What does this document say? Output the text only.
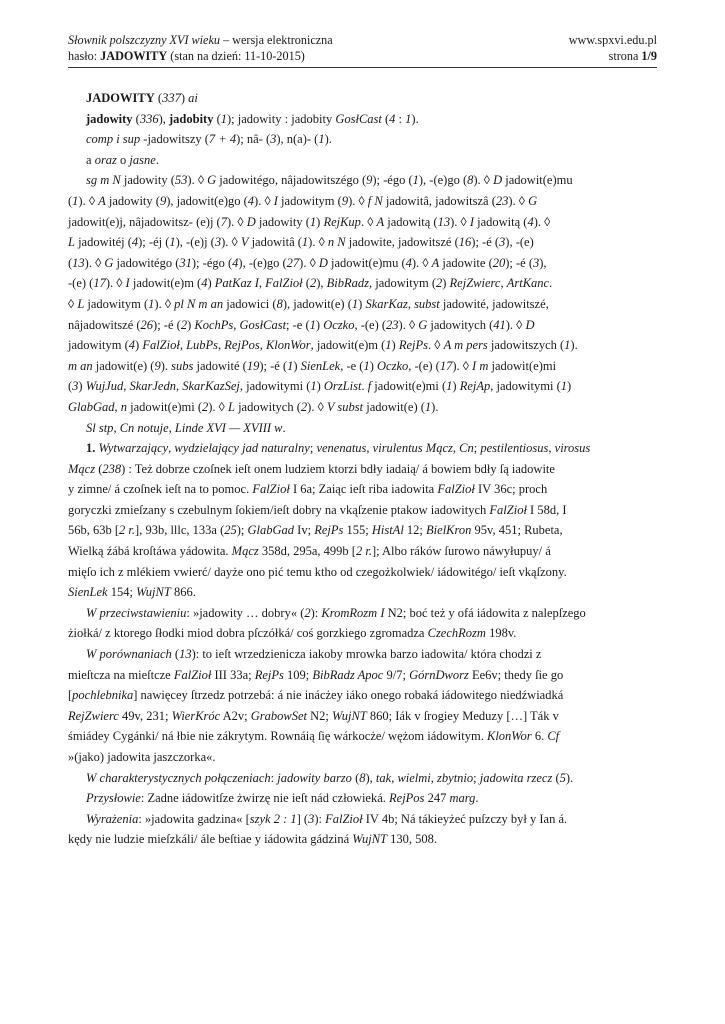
Słownik polszczyzny XVI wieku – wersja elektroniczna	www.spxvi.edu.pl
hasło: JADOWITY (stan na dzień: 11-10-2015)	strona 1/9

JADOWITY (337) ai

jadowity (336), jadobity (1); jadowity : jadobity GosłCast (4 : 1).

comp i sup -jadowitszy (7 + 4); nâ- (3), n(a)- (1).

a oraz o jasne.

sg m N jadowity (53). ◊ G jadowitégo, nâjadowitszégo (9); -égo (1), -(e)go (8). ◊ D jadowit(e)mu

(1). ◊ A jadowity (9), jadowit(e)go (4). ◊ I jadowitym (9). ◊ f N jadowitâ, jadowitszâ (23). ◊ G

jadowit(e)j, nâjadowitsz- (e)j (7). ◊ D jadowity (1) RejKup. ◊ A jadowitą (13). ◊ I jadowitą (4). ◊

L jadowitéj (4); -éj (1), -(e)j (3). ◊ V jadowitâ (1). ◊ n N jadowite, jadowitszé (16); -é (3), -(e)

(13). ◊ G jadowitégo (31); -égo (4), -(e)go (27). ◊ D jadowit(e)mu (4). ◊ A jadowite (20); -é (3),

-(e) (17). ◊ I jadowit(e)m (4) PatKaz I, FalZioł (2), BibRadz, jadowitym (2) RejZwierc, ArtKanc.

◊ L jadowitym (1). ◊ pl N m an jadowici (8), jadowit(e) (1) SkarKaz, subst jadowité, jadowitszé,

nâjadowitszé (26); -é (2) KochPs, GosłCast; -e (1) Oczko, -(e) (23). ◊ G jadowitych (41). ◊ D

jadowitym (4) FalZioł, LubPs, RejPos, KlonWor, jadowit(e)m (1) RejPs. ◊ A m pers jadowitszych (1).

m an jadowit(e) (9). subs jadowité (19); -é (1) SienLek, -e (1) Oczko, -(e) (17). ◊ I m jadowit(e)mi

(3) WujJud, SkarJedn, SkarKazSej, jadowitymi (1) OrzList. f jadowit(e)mi (1) RejAp, jadowitymi (1)

GlabGad, n jadowit(e)mi (2). ◊ L jadowitych (2). ◊ V subst jadowit(e) (1).

Sl stp, Cn notuje, Linde XVI — XVIII w.

1. Wytwarzający, wydzielający jad naturalny; venenatus, virulentus Mącz, Cn; pestilentiosus, virosus

Mącz (238) : Też dobrze czoſnek ieſt onem ludziem ktorzi bdły iadaią/ á bowiem bdły ſą iadowite

y zimne/ á czoſnek ieſt na to pomoc. FalZioł I 6a; Zaiąc ieſt riba iadowita FalZioł IV 36c; proch

goryczki zmieſzany s czebulnym ſokiem/ieſt dobry na vkąſzenie ptakow iadowitych FalZioł I 58d, I

56b, 63b [2 r.], 93b, lllc, 133a (25); GlabGad Iv; RejPs 155; HistAl 12; BielKron 95v, 451; Rubeta,

Wielką źábá kroſtáwa yádowita. Mącz 358d, 295a, 499b [2 r.]; Albo ráków ſurowo náwyłupuy/ á

mięſo ich z mlékiem vwierć/ dayże ono pić temu ktho od czegożkolwiek/ iádowitégo/ ieſt vkąſzony.

SienLek 154; WujNT 866.

W przeciwstawieniu: »jadowity … dobry« (2): KromRozm I N2; boć też y ofá iádowita z nalepſzego

żiołká/ z ktorego ſłodki miod dobra pſczółká/ coś gorzkiego zgromadza CzechRozm 198v.

W porównaniach (13): to ieſt wrzedzienicza iakoby mrowka barzo iadowita/ która chodzi z

mieſtcza na mieſtcze FalZioł III 33a; RejPs 109; BibRadz Apoc 9/7; GórnDworz Ee6v; thedy ſie go

[pochlebnika] nawięcey ſtrzedz potrzebá: á nie inácżey iáko onego robaká iádowitego niedźwiadká

RejZwierc 49v, 231; WierKróc A2v; GrabowSet N2; WujNT 860; Iák v ſrogiey Meduzy […] Ták v

śmiádey Cygánki/ ná łbie nie zákrytym. Rownáią ſię wárkocże/ wężom iádowitym. KlonWor 6. Cf

»(jako) jadowita jaszczorka«.

W charakterystycznych połączeniach: jadowity barzo (8), tak, wielmi, zbytnio; jadowita rzecz (5).

Przysłowie: Zadne iádowitſze żwirzę nie ieſt nád człowieká. RejPos 247 marg.

Wyrażenia: »jadowita gadzina« [szyk 2 : 1] (3): FalZioł IV 4b; Ná tákieyżeć puſzczy był y Ian á.

kędy nie ludzie mieſzkáli/ ále beſtiae y iádowita gádziná WujNT 130, 508.
